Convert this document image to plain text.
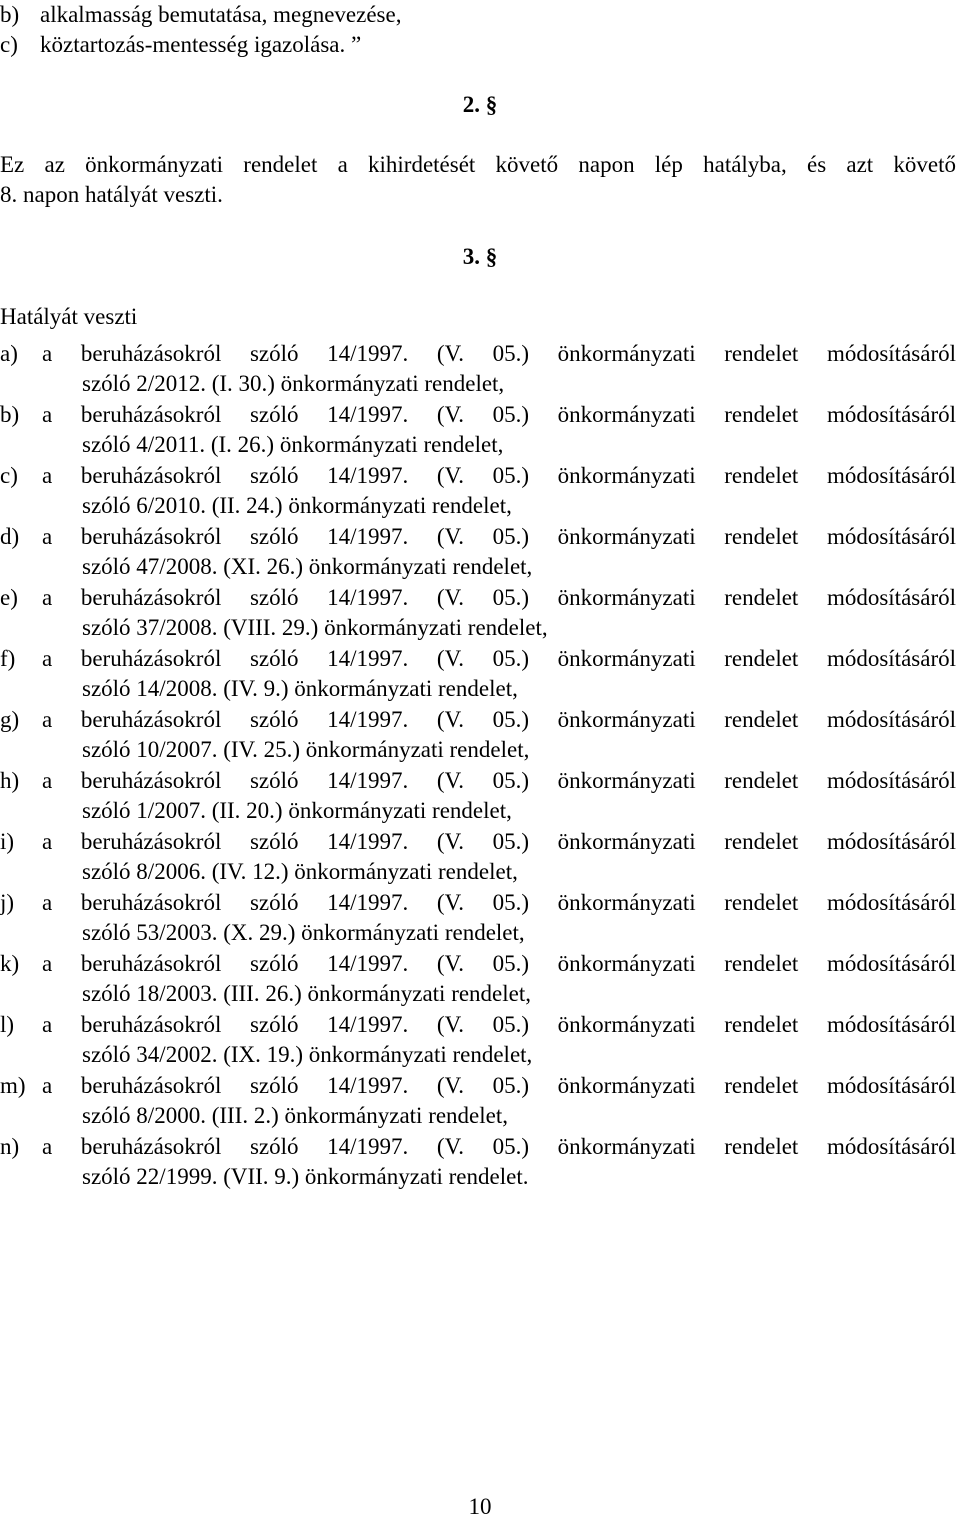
b) alkalmasság bemutatása, megnevezése,
c) köztartozás-mentesség igazolása. ”
2. §
Ez az önkormányzati rendelet a kihirdetését követő napon lép hatályba, és azt követő
8. napon hatályát veszti.
3. §
Hatályát veszti
a)	a beruházásokról szóló 14/1997. (V. 05.) önkormányzati rendelet módosításáról
szóló 2/2012. (I. 30.) önkormányzati rendelet,
b) a beruházásokról szóló 14/1997. (V. 05.) önkormányzati rendelet módosításáról
szóló 4/2011. (I. 26.) önkormányzati rendelet,
c)	a beruházásokról szóló 14/1997. (V. 05.) önkormányzati rendelet módosításáról
szóló 6/2010. (II. 24.) önkormányzati rendelet,
d) a beruházásokról szóló 14/1997. (V. 05.) önkormányzati rendelet módosításáról
szóló 47/2008. (XI. 26.) önkormányzati rendelet,
e)	a beruházásokról szóló 14/1997. (V. 05.) önkormányzati rendelet módosításáról
szóló 37/2008. (VIII. 29.) önkormányzati rendelet,
f)	a beruházásokról szóló 14/1997. (V. 05.) önkormányzati rendelet módosításáról
szóló 14/2008. (IV. 9.) önkormányzati rendelet,
g) a beruházásokról szóló 14/1997. (V. 05.) önkormányzati rendelet módosításáról
szóló 10/2007. (IV. 25.) önkormányzati rendelet,
h) a beruházásokról szóló 14/1997. (V. 05.) önkormányzati rendelet módosításáról
szóló 1/2007. (II. 20.) önkormányzati rendelet,
i)	a beruházásokról szóló 14/1997. (V. 05.) önkormányzati rendelet módosításáról
szóló 8/2006. (IV. 12.) önkormányzati rendelet,
j)	a beruházásokról szóló 14/1997. (V. 05.) önkormányzati rendelet módosításáról
szóló 53/2003. (X. 29.) önkormányzati rendelet,
k) a beruházásokról szóló 14/1997. (V. 05.) önkormányzati rendelet módosításáról
szóló 18/2003. (III. 26.) önkormányzati rendelet,
l)	a beruházásokról szóló 14/1997. (V. 05.) önkormányzati rendelet módosításáról
szóló 34/2002. (IX. 19.) önkormányzati rendelet,
m) a beruházásokról szóló 14/1997. (V. 05.) önkormányzati rendelet módosításáról
szóló 8/2000. (III. 2.) önkormányzati rendelet,
n) a beruházásokról szóló 14/1997. (V. 05.) önkormányzati rendelet módosításáról
szóló 22/1999. (VII. 9.) önkormányzati rendelet.
10
